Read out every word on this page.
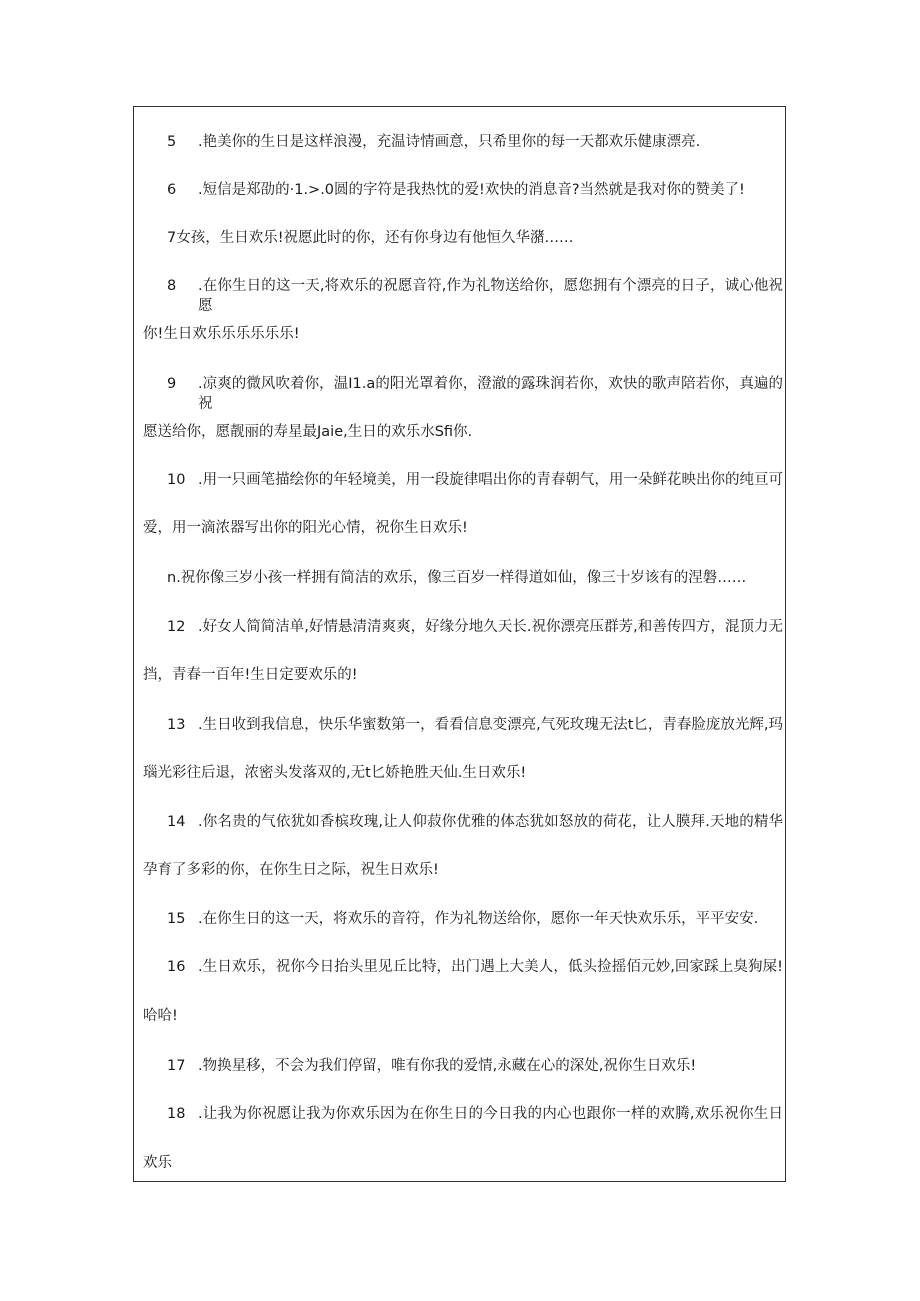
5 .艳美你的生日是这样浪漫，充温诗情画意，只希里你的每一天都欢乐健康漂亮.
6 .短信是郑劭的·1.>.0圆的字符是我热忱的爱!欢快的消息音?当然就是我对你的赞美了!
7女孩，生日欢乐!祝愿此时的你，还有你身边有他恒久华潴……
8	.在你生日的这一天,将欢乐的祝愿音符,作为礼物送给你，愿您拥有个漂亮的日子，诚心他祝愿
你!生日欢乐乐乐乐乐乐!
9	.凉爽的微风吹着你，温I1.a的阳光罩着你，澄澈的露珠润若你，欢快的歌声陪若你，真遍的祝
愿送给你，愿靓丽的寿星最Jaie,生日的欢乐水Sfi你.
10 .用一只画笔描绘你的年轻境美，用一段旋律唱出你的青春朝气，用一朵鲜花映出你的纯亘可
爱，用一滴浓器写出你的阳光心情，祝你生日欢乐!
n.祝你像三岁小孩一样拥有简洁的欢乐，像三百岁一样得道如仙，像三十岁该有的涅磐……
12 .好女人简简洁单,好情悬清清爽爽，好缘分地久天长.祝你漂亮压群芳,和善传四方，混顶力无
挡，青春一百年!生日定要欢乐的!
13 .生日收到我信息，快乐华蜜数第一，看看信息变漂亮,气死玫瑰无法t匕，青春脸庞放光辉,玛
瑙光彩往后退，浓密头发落双的,无t匕娇艳胜天仙.生日欢乐!
14 .你名贵的气依犹如香槟玫瑰,让人仰菽你优雅的体态犹如怒放的荷花，让人膜拜.天地的精华
孕育了多彩的你，在你生日之际，祝生日欢乐!
15 .在你生日的这一天，将欢乐的音符，作为礼物送给你，愿你一年天快欢乐乐，平平安安.
16 .生日欢乐，祝你今日抬头里见丘比特，出门遇上大美人，低头捡摇佰元妙,回家踩上臭狗屎!
哈哈!
17 .物换星移，不会为我们停留，唯有你我的爱情,永藏在心的深处,祝你生日欢乐!
18 .让我为你祝愿让我为你欢乐因为在你生日的今日我的内心也跟你一样的欢腾,欢乐祝你生日
欢乐
